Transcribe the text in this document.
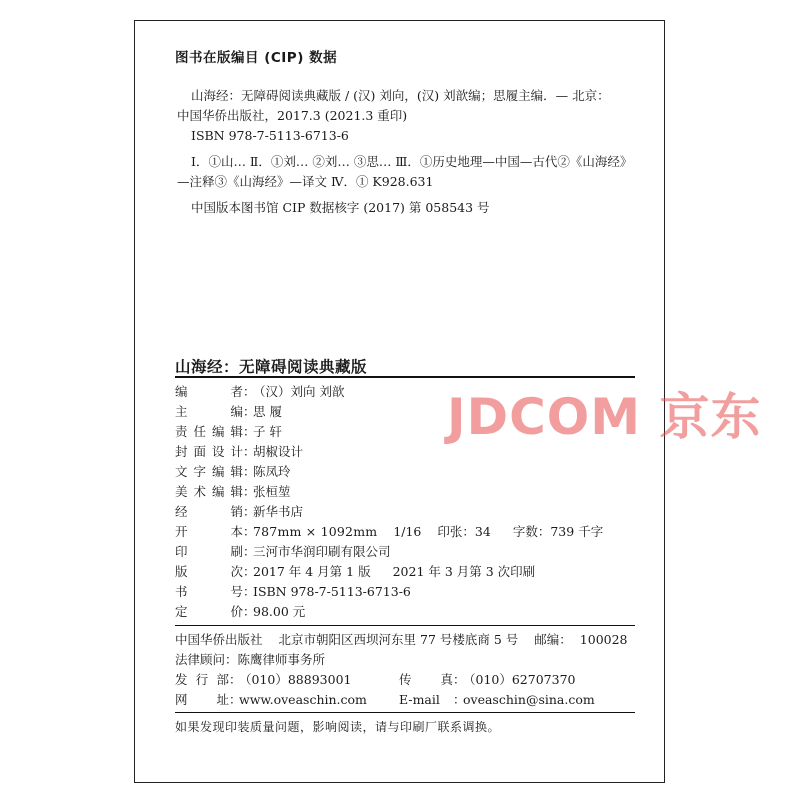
图书在版编目 (CIP) 数据
山海经：无障碍阅读典藏版 / (汉) 刘向，(汉) 刘歆编；思履主编．— 北京：
中国华侨出版社，2017.3 (2021.3 重印)
ISBN 978-7-5113-6713-6
Ⅰ．①山… Ⅱ．①刘… ②刘… ③思… Ⅲ．①历史地理—中国—古代②《山海经》
—注释③《山海经》—译文 Ⅳ．① K928.631
中国版本图书馆 CIP 数据核字 (2017) 第 058543 号
山海经：无障碍阅读典藏版
编者：（汉）刘向 刘歆
主编：思 履
责任编辑：子 轩
封面设计：胡椒设计
文字编辑：陈凤玲
美术编辑：张桓堃
经销：新华书店
开本：787mm × 1092mm 1/16 印张：34 字数：739 千字
印刷：三河市华润印刷有限公司
版次：2017 年 4 月第 1 版 2021 年 3 月第 3 次印刷
书号：ISBN 978-7-5113-6713-6
定价：98.00 元
中国华侨出版社 北京市朝阳区西坝河东里 77 号楼底商 5 号 邮编： 100028
法律顾问：陈鹰律师事务所
发行部：（010）88893001	传真：（010）62707370
网址：www.oveaschin.com	E-mail ：oveaschin@sina.com
如果发现印装质量问题，影响阅读，请与印刷厂联系调换。
JDCOM 京东
